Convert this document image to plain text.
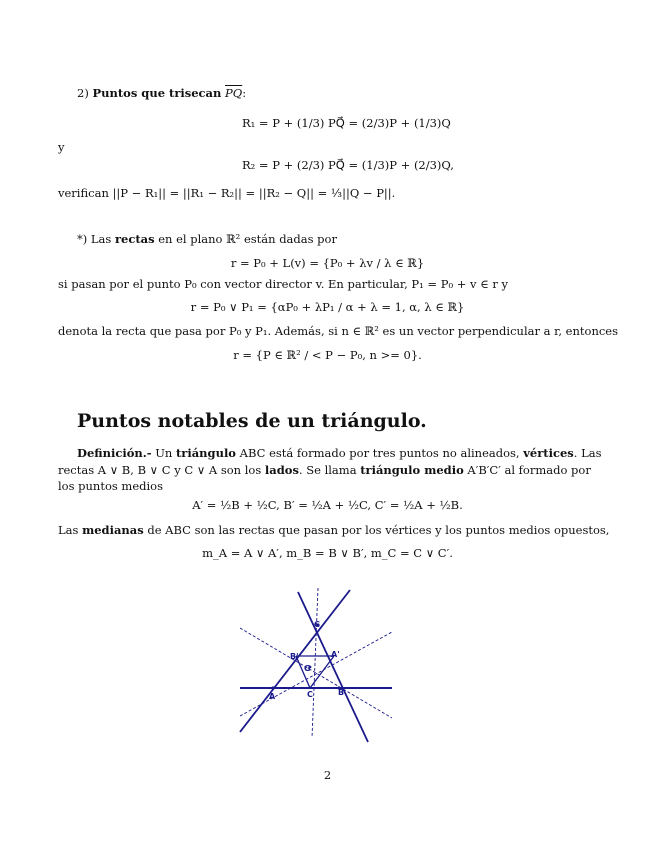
2) Puntos que trisecan $\overline{PQ}$:
R₁ = P + (1/3) PQ⃗ = (2/3)P + (1/3)Q
y
R₂ = P + (2/3) PQ⃗ = (1/3)P + (2/3)Q,
verifican ||P − R₁|| = ||R₁ − R₂|| = ||R₂ − Q|| = ⅓||Q − P||.
*) Las rectas en el plano ℝ² están dadas por
r = P₀ + L(v) = {P₀ + λv / λ ∈ ℝ}
si pasan por el punto P₀ con vector director v. En particular, P₁ = P₀ + v ∈ r y
r = P₀ ∨ P₁ = {αP₀ + λP₁ / α + λ = 1, α, λ ∈ ℝ}
denota la recta que pasa por P₀ y P₁. Además, si n ∈ ℝ² es un vector perpendicular a r, entonces
r = {P ∈ ℝ² / < P − P₀, n >= 0}.
Puntos notables de un triángulo.
Definición.- Un triángulo ABC está formado por tres puntos no alineados, vértices. Las
rectas A ∨ B, B ∨ C y C ∨ A son los lados. Se llama triángulo medio A′B′C′ al formado por
los puntos medios
A′ = ½B + ½C, B′ = ½A + ½C, C′ = ½A + ½B.
Las medianas de ABC son las rectas que pasan por los vértices y los puntos medios opuestos,
m_A = A ∨ A′, m_B = B ∨ B′, m_C = C ∨ C′.
A	B
C
A'
B'
C
G
2
